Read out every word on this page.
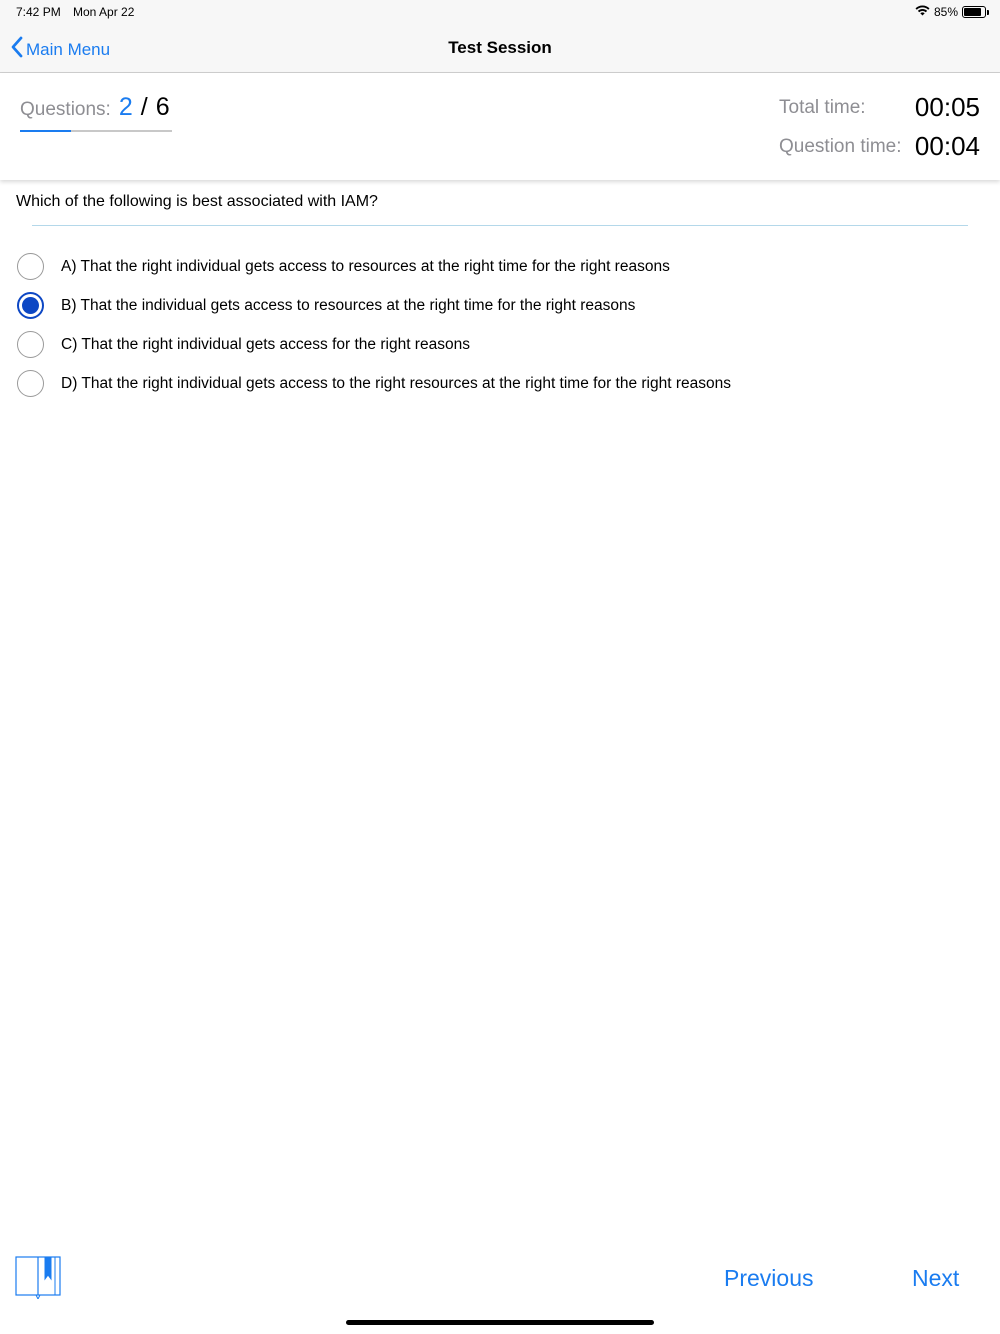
7:42 PM Mon Apr 22	85%
Main Menu	Test Session
Questions: 2 / 6	Total time: 00:05
Question time: 00:04
Which of the following is best associated with IAM?
A) That the right individual gets access to resources at the right time for the right reasons
B) That the individual gets access to resources at the right time for the right reasons
C) That the right individual gets access for the right reasons
D) That the right individual gets access to the right resources at the right time for the right reasons
Previous	Next
